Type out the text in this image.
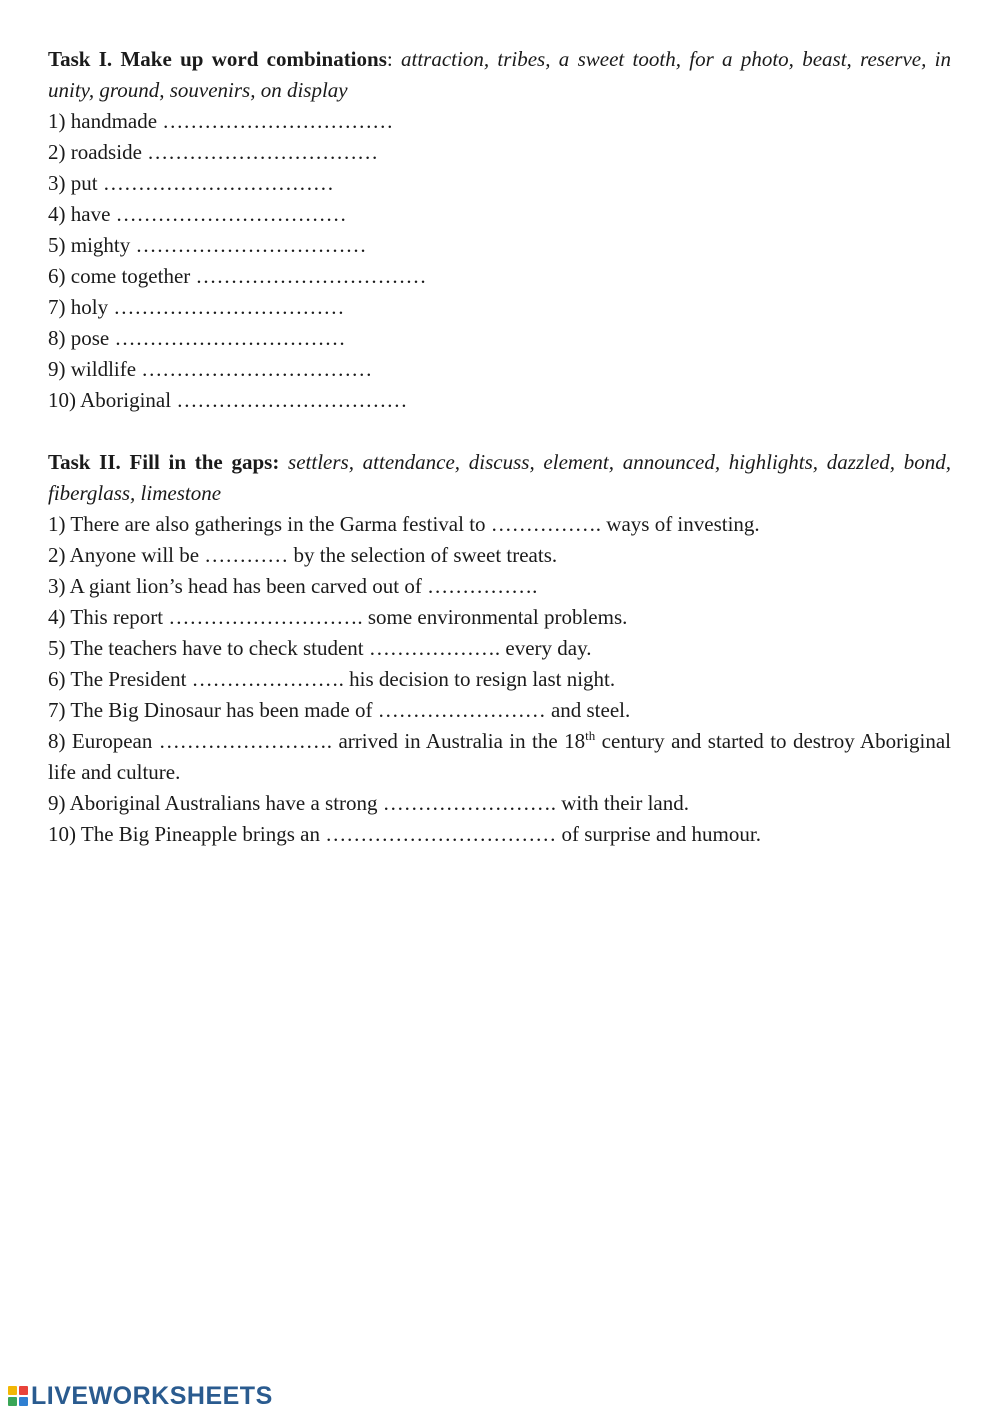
Task I. Make up word combinations: attraction, tribes, a sweet tooth, for a photo, beast, reserve, in unity, ground, souvenirs, on display
1) handmade ……………………………
2) roadside ……………………………
3) put ……………………………
4) have ……………………………
5) mighty ……………………………
6) come together ……………………………
7) holy ……………………………
8) pose ……………………………
9) wildlife ……………………………
10) Aboriginal ……………………………
Task II. Fill in the gaps: settlers, attendance, discuss, element, announced, highlights, dazzled, bond, fiberglass, limestone
1) There are also gatherings in the Garma festival to ……………. ways of investing.
2) Anyone will be ………… by the selection of sweet treats.
3) A giant lion’s head has been carved out of …………….
4) This report ………………………. some environmental problems.
5) The teachers have to check student ………………. every day.
6) The President …………………. his decision to resign last night.
7) The Big Dinosaur has been made of …………………… and steel.
8) European ……………………. arrived in Australia in the 18th century and started to destroy Aboriginal life and culture.
9) Aboriginal Australians have a strong ……………………. with their land.
10) The Big Pineapple brings an …………………………… of surprise and humour.
LIVEWORKSHEETS
